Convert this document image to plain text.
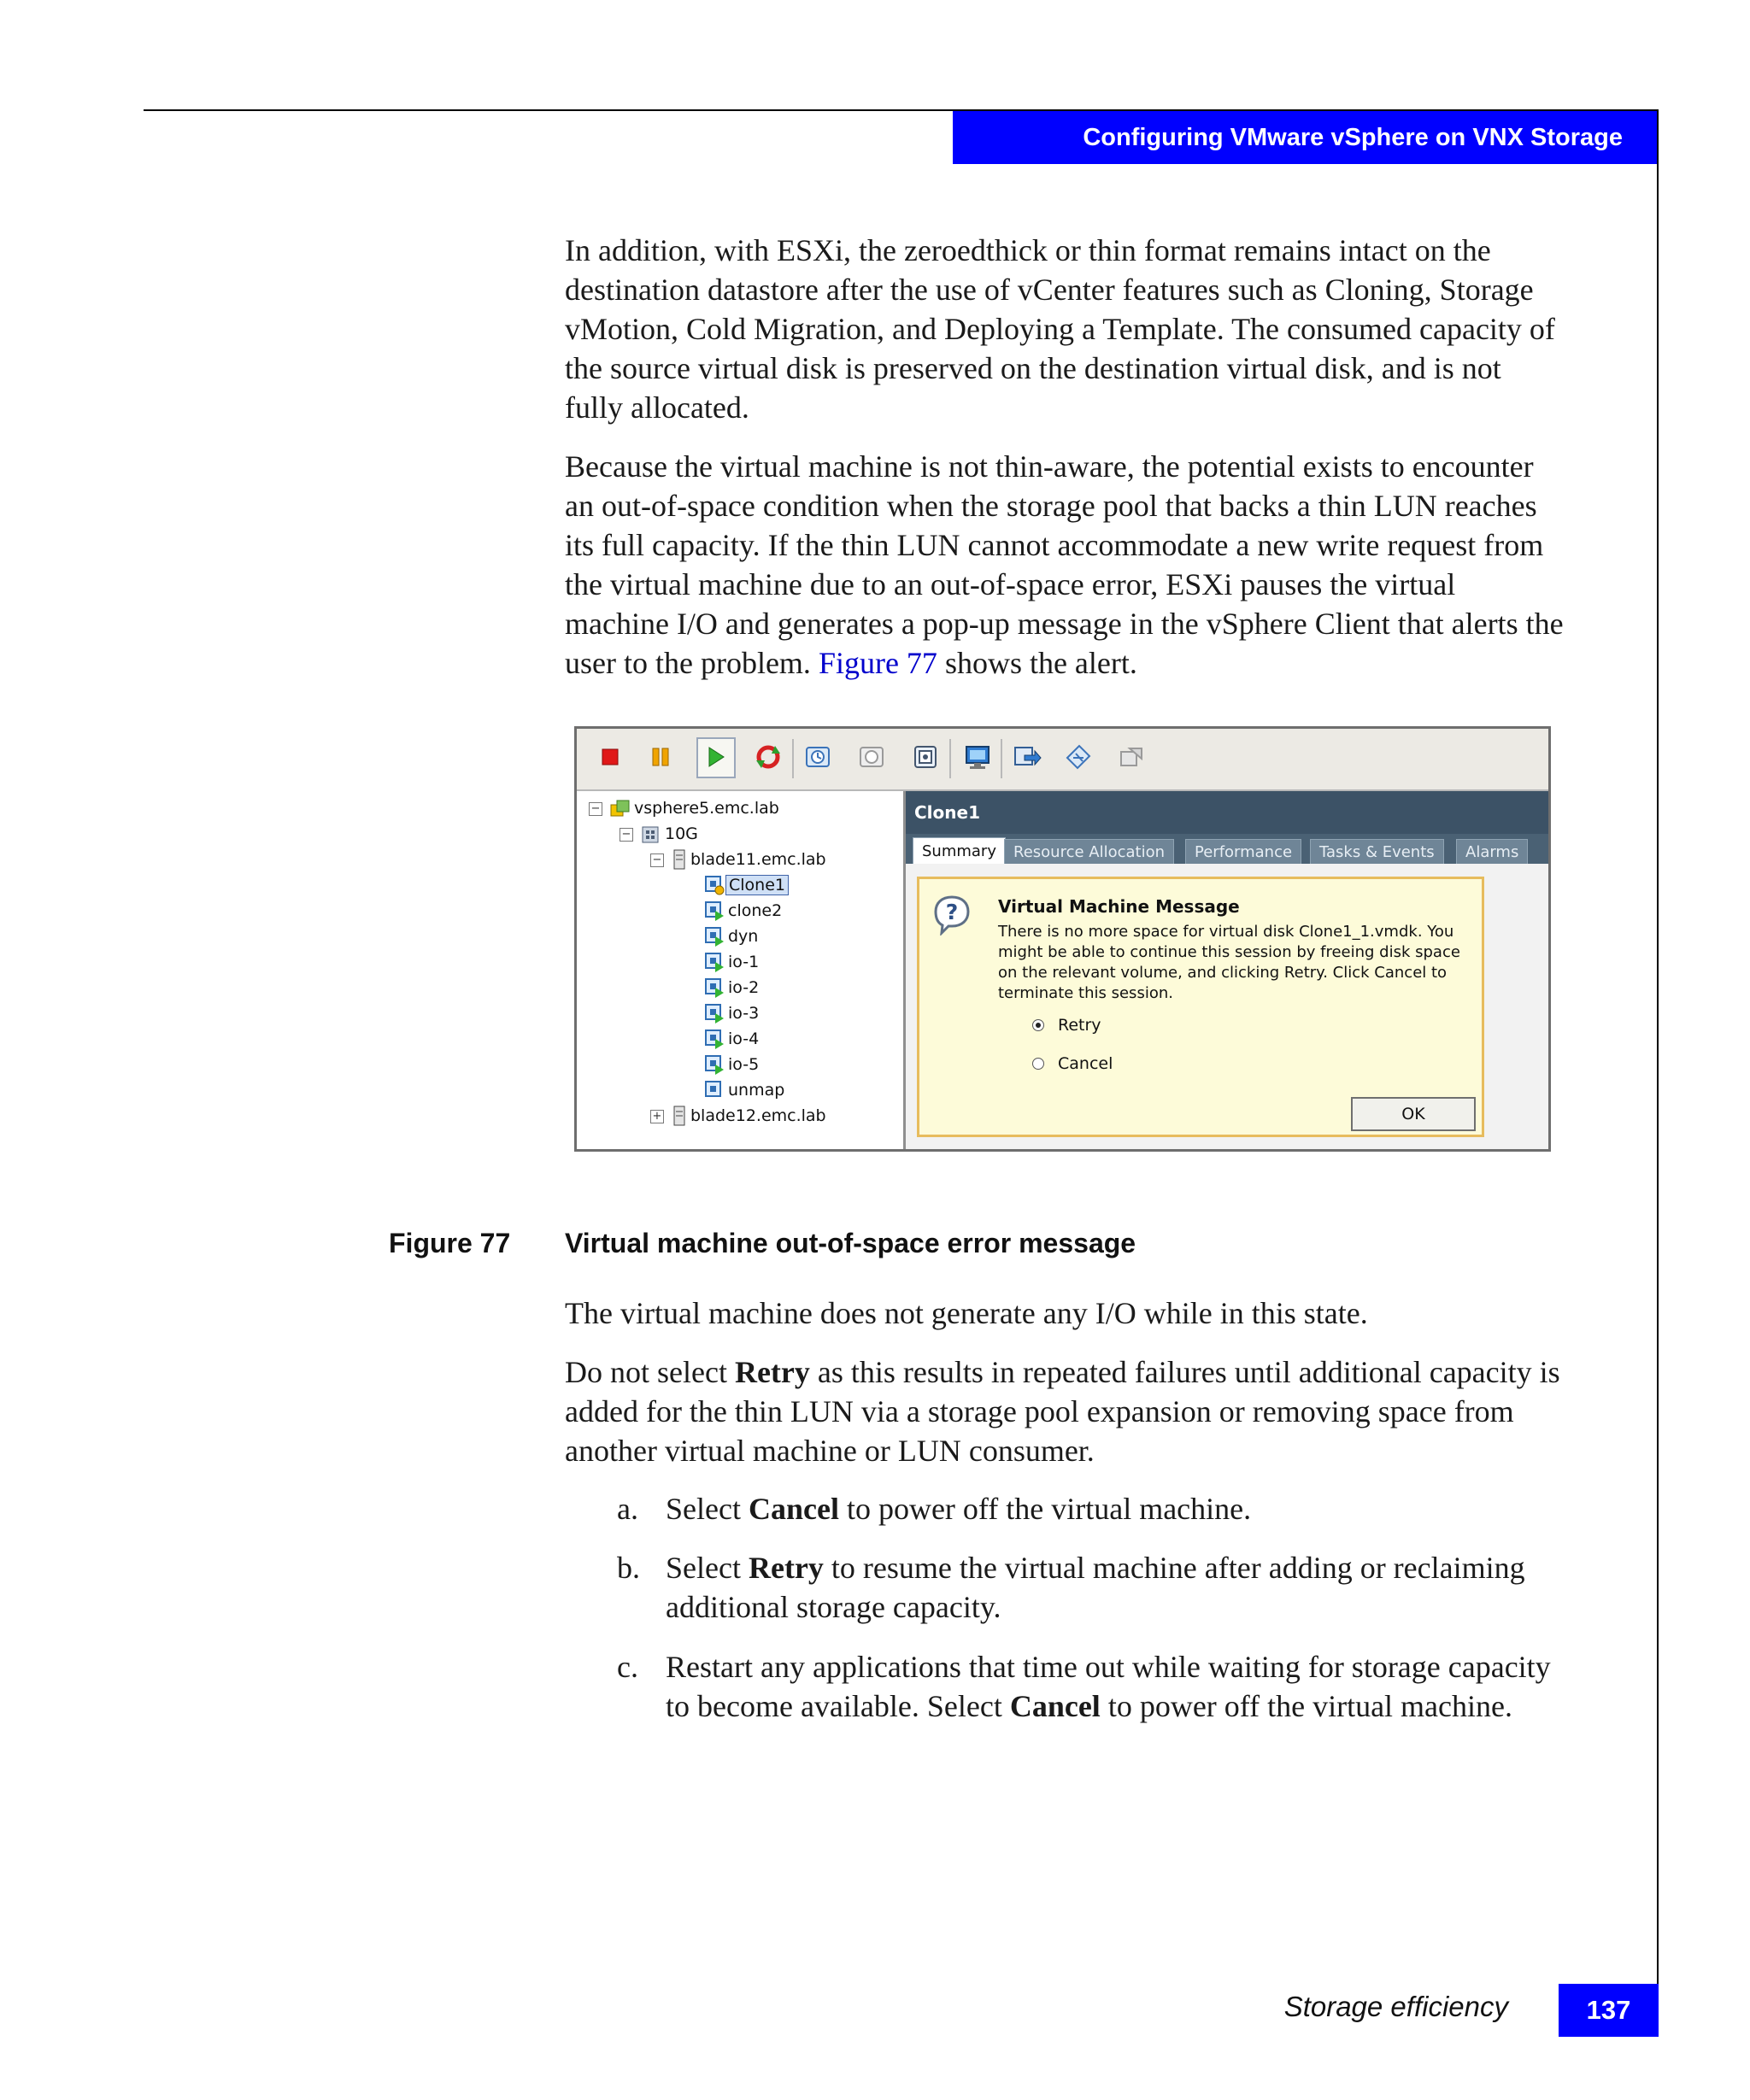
Configuring VMware vSphere on VNX Storage

In addition, with ESXi, the zeroedthick or thin format remains intact on the destination datastore after the use of vCenter features such as Cloning, Storage vMotion, Cold Migration, and Deploying a Template. The consumed capacity of the source virtual disk is preserved on the destination virtual disk, and is not fully allocated.

Because the virtual machine is not thin-aware, the potential exists to encounter an out-of-space condition when the storage pool that backs a thin LUN reaches its full capacity. If the thin LUN cannot accommodate a new write request from the virtual machine due to an out-of-space error, ESXi pauses the virtual machine I/O and generates a pop-up message in the vSphere Client that alerts the user to the problem. Figure 77 shows the alert.

− vsphere5.emc.lab
− 10G
− blade11.emc.lab
Clone1
clone2
dyn
io-1
io-2
io-3
io-4
io-5
unmap
+ blade12.emc.lab
Clone1
Summary	Resource Allocation	Performance	Tasks & Events	Alarms
? Virtual Machine Message
There is no more space for virtual disk Clone1_1.vmdk. You might be able to continue this session by freeing disk space on the relevant volume, and clicking Retry. Click Cancel to terminate this session.
Retry
Cancel
OK
Figure 77 Virtual machine out-of-space error message

The virtual machine does not generate any I/O while in this state.

Do not select Retry as this results in repeated failures until additional capacity is added for the thin LUN via a storage pool expansion or removing space from another virtual machine or LUN consumer.

a. Select Cancel to power off the virtual machine.
b. Select Retry to resume the virtual machine after adding or reclaiming additional storage capacity.
c. Restart any applications that time out while waiting for storage capacity to become available. Select Cancel to power off the virtual machine.
Storage efficiency	137
